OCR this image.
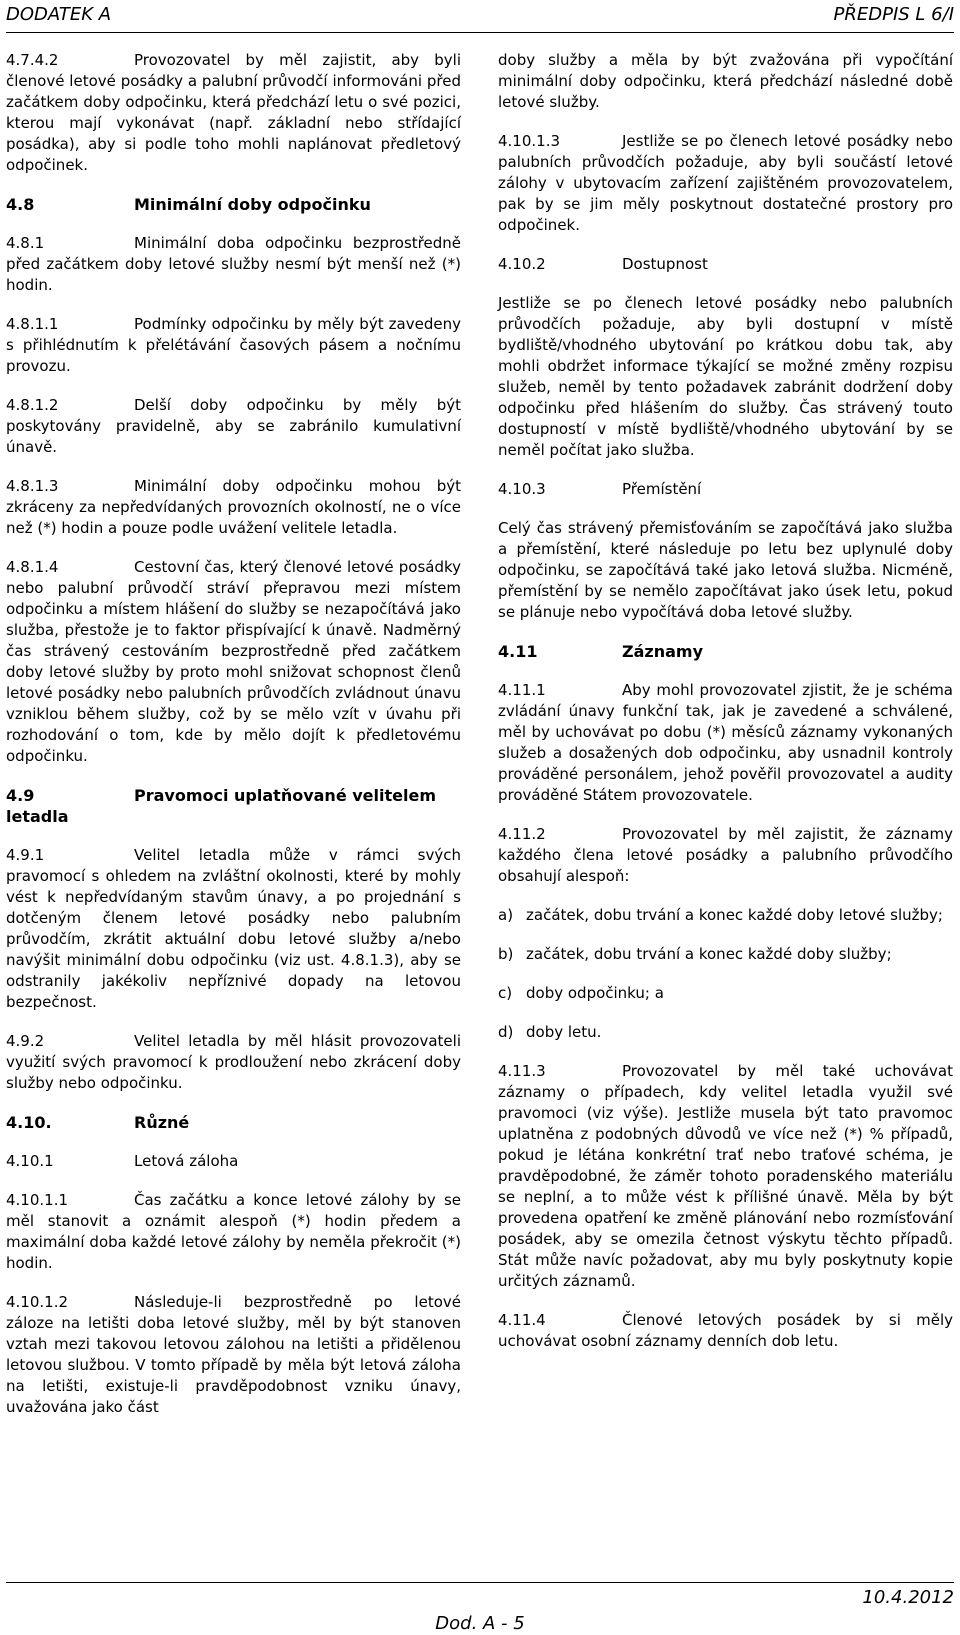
DODATEK A	PŘEDPIS L 6/I

4.7.4.2	Provozovatel by měl zajistit, aby byli členové letové posádky a palubní průvodčí informováni před začátkem doby odpočinku, která předchází letu o své pozici, kterou mají vykonávat (např. základní nebo střídající posádka), aby si podle toho mohli naplánovat předletový odpočinek.

4.8	Minimální doby odpočinku

4.8.1	Minimální doba odpočinku bezprostředně před začátkem doby letové služby nesmí být menší než (*) hodin.

4.8.1.1	Podmínky odpočinku by měly být zavedeny s přihlédnutím k přelétávání časových pásem a nočnímu provozu.

4.8.1.2	Delší doby odpočinku by měly být poskytovány pravidelně, aby se zabránilo kumulativní únavě.

4.8.1.3	Minimální doby odpočinku mohou být zkráceny za nepředvídaných provozních okolností, ne o více než (*) hodin a pouze podle uvážení velitele letadla.

4.8.1.4	Cestovní čas, který členové letové posádky nebo palubní průvodčí stráví přepravou mezi místem odpočinku a místem hlášení do služby se nezapočítává jako služba, přestože je to faktor přispívající k únavě. Nadměrný čas strávený cestováním bezprostředně před začátkem doby letové služby by proto mohl snižovat schopnost členů letové posádky nebo palubních průvodčích zvládnout únavu vzniklou během služby, což by se mělo vzít v úvahu při rozhodování o tom, kde by mělo dojít k předletovému odpočinku.

4.9	Pravomoci uplatňované velitelem letadla

4.9.1	Velitel letadla může v rámci svých pravomocí s ohledem na zvláštní okolnosti, které by mohly vést k nepředvídaným stavům únavy, a po projednání s dotčeným členem letové posádky nebo palubním průvodčím, zkrátit aktuální dobu letové služby a/nebo navýšit minimální dobu odpočinku (viz ust. 4.8.1.3), aby se odstranily jakékoliv nepříznivé dopady na letovou bezpečnost.

4.9.2	Velitel letadla by měl hlásit provozovateli využití svých pravomocí k prodloužení nebo zkrácení doby služby nebo odpočinku.

4.10.	Různé

4.10.1	Letová záloha

4.10.1.1	Čas začátku a konce letové zálohy by se měl stanovit a oznámit alespoň (*) hodin předem a maximální doba každé letové zálohy by neměla překročit (*) hodin.

4.10.1.2	Následuje-li bezprostředně po letové záloze na letišti doba letové služby, měl by být stanoven vztah mezi takovou letovou zálohou na letišti a přidělenou letovou službou. V tomto případě by měla být letová záloha na letišti, existuje-li pravděpodobnost vzniku únavy, uvažována jako část

doby služby a měla by být zvažována při vypočítání minimální doby odpočinku, která předchází následné době letové služby.

4.10.1.3	Jestliže se po členech letové posádky nebo palubních průvodčích požaduje, aby byli součástí letové zálohy v ubytovacím zařízení zajištěném provozovatelem, pak by se jim měly poskytnout dostatečné prostory pro odpočinek.

4.10.2	Dostupnost

Jestliže se po členech letové posádky nebo palubních průvodčích požaduje, aby byli dostupní v místě bydliště/vhodného ubytování po krátkou dobu tak, aby mohli obdržet informace týkající se možné změny rozpisu služeb, neměl by tento požadavek zabránit dodržení doby odpočinku před hlášením do služby. Čas strávený touto dostupností v místě bydliště/vhodného ubytování by se neměl počítat jako služba.

4.10.3	Přemístění

Celý čas strávený přemisťováním se započítává jako služba a přemístění, které následuje po letu bez uplynulé doby odpočinku, se započítává také jako letová služba. Nicméně, přemístění by se nemělo započítávat jako úsek letu, pokud se plánuje nebo vypočítává doba letové služby.

4.11	Záznamy

4.11.1	Aby mohl provozovatel zjistit, že je schéma zvládání únavy funkční tak, jak je zavedené a schválené, měl by uchovávat po dobu (*) měsíců záznamy vykonaných služeb a dosažených dob odpočinku, aby usnadnil kontroly prováděné personálem, jehož pověřil provozovatel a audity prováděné Státem provozovatele.

4.11.2	Provozovatel by měl zajistit, že záznamy každého člena letové posádky a palubního průvodčího obsahují alespoň:

a) začátek, dobu trvání a konec každé doby letové služby;
b) začátek, dobu trvání a konec každé doby služby;
c) doby odpočinku; a
d) doby letu.

4.11.3	Provozovatel by měl také uchovávat záznamy o případech, kdy velitel letadla využil své pravomoci (viz výše). Jestliže musela být tato pravomoc uplatněna z podobných důvodů ve více než (*) % případů, pokud je létána konkrétní trať nebo traťové schéma, je pravděpodobné, že záměr tohoto poradenského materiálu se neplní, a to může vést k přílišné únavě. Měla by být provedena opatření ke změně plánování nebo rozmísťování posádek, aby se omezila četnost výskytu těchto případů. Stát může navíc požadovat, aby mu byly poskytnuty kopie určitých záznamů.

4.11.4	Členové letových posádek by si měly uchovávat osobní záznamy denních dob letu.

10.4.2012
Dod. A - 5
